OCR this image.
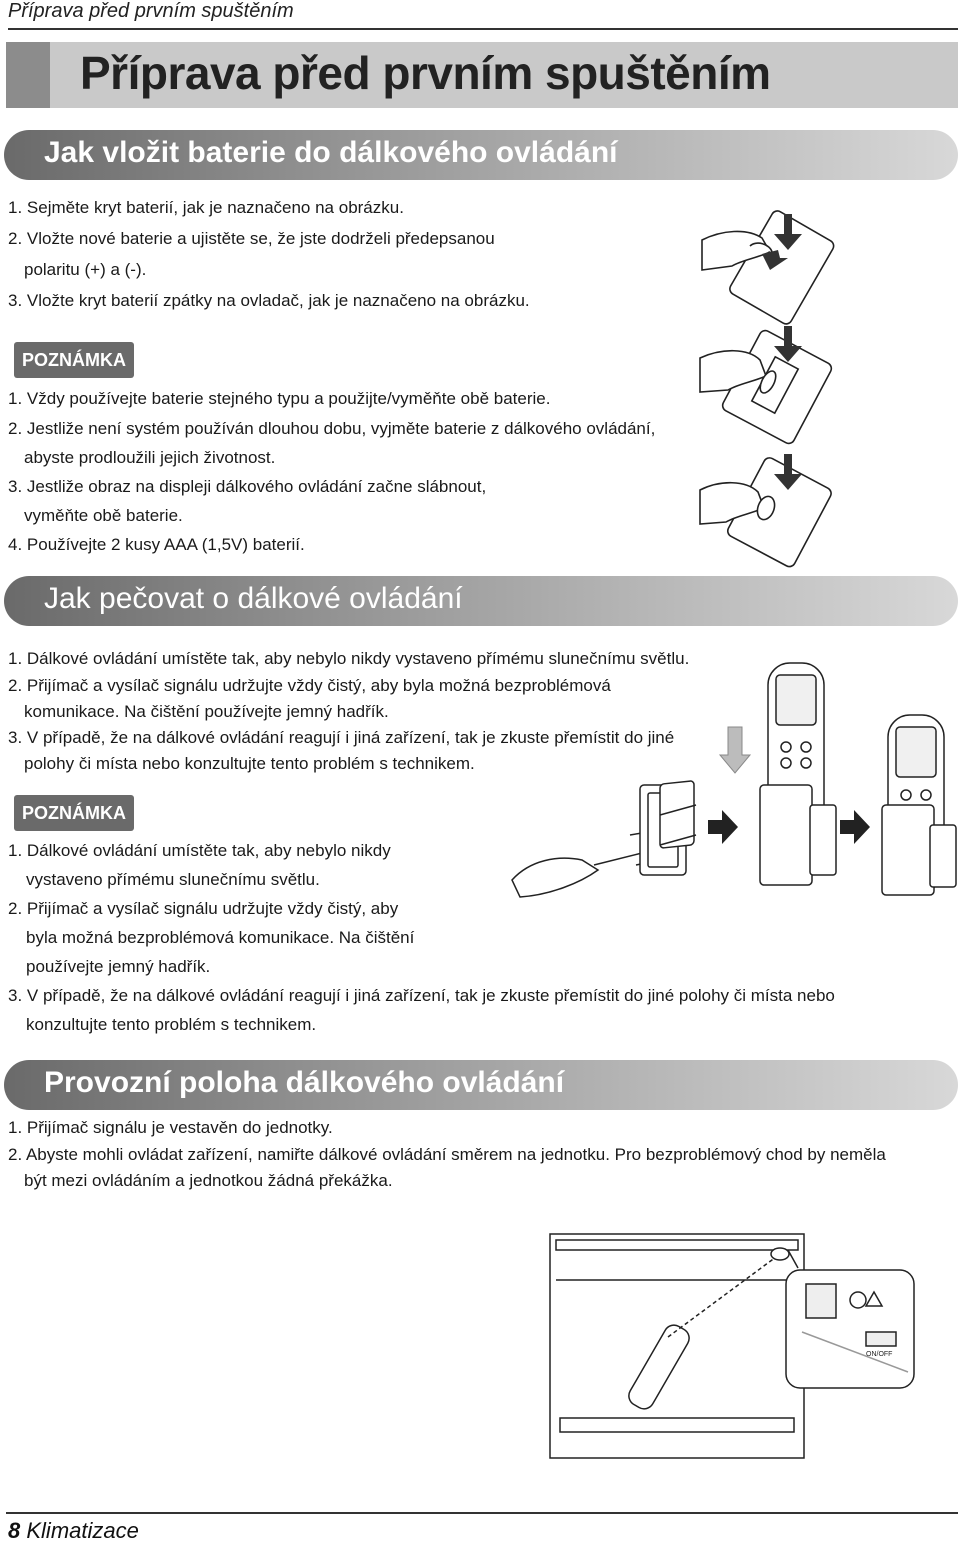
Příprava před prvním spuštěním
Příprava před prvním spuštěním
Jak vložit baterie do dálkového ovládání
1. Sejměte kryt baterií, jak je naznačeno na obrázku.
2. Vložte nové baterie a ujistěte se, že jste dodrželi předepsanou
polaritu (+) a (-).
3. Vložte kryt baterií zpátky na ovladač, jak je naznačeno na obrázku.
POZNÁMKA
1. Vždy používejte baterie stejného typu a použijte/vyměňte obě baterie.
2. Jestliže není systém používán dlouhou dobu, vyjměte baterie z dálkového ovládání,
abyste prodloužili jejich životnost.
3. Jestliže obraz na displeji dálkového ovládání začne slábnout,
vyměňte obě baterie.
4. Používejte 2 kusy AAA (1,5V) baterií.
Jak pečovat o dálkové ovládání
1. Dálkové ovládání umístěte tak, aby nebylo nikdy vystaveno přímému slunečnímu světlu.
2. Přijímač a vysílač signálu udržujte vždy čistý, aby byla možná bezproblémová
komunikace. Na čištění používejte jemný hadřík.
3. V případě, že na dálkové ovládání reagují i jiná zařízení, tak je zkuste přemístit do jiné
polohy či místa nebo konzultujte tento problém s technikem.
POZNÁMKA
1. Dálkové ovládání umístěte tak, aby nebylo nikdy
vystaveno přímému slunečnímu světlu.
2. Přijímač a vysílač signálu udržujte vždy čistý, aby
byla možná bezproblémová komunikace. Na čištění
používejte jemný hadřík.
3. V případě, že na dálkové ovládání reagují i jiná zařízení, tak je zkuste přemístit do jiné polohy či místa nebo
konzultujte tento problém s technikem.
Provozní poloha dálkového ovládání
1. Přijímač signálu je vestavěn do jednotky.
2. Abyste mohli ovládat zařízení, namiřte dálkové ovládání směrem na jednotku. Pro bezproblémový chod by neměla
být mezi ovládáním a jednotkou žádná překážka.
ON/OFF
8 Klimatizace
